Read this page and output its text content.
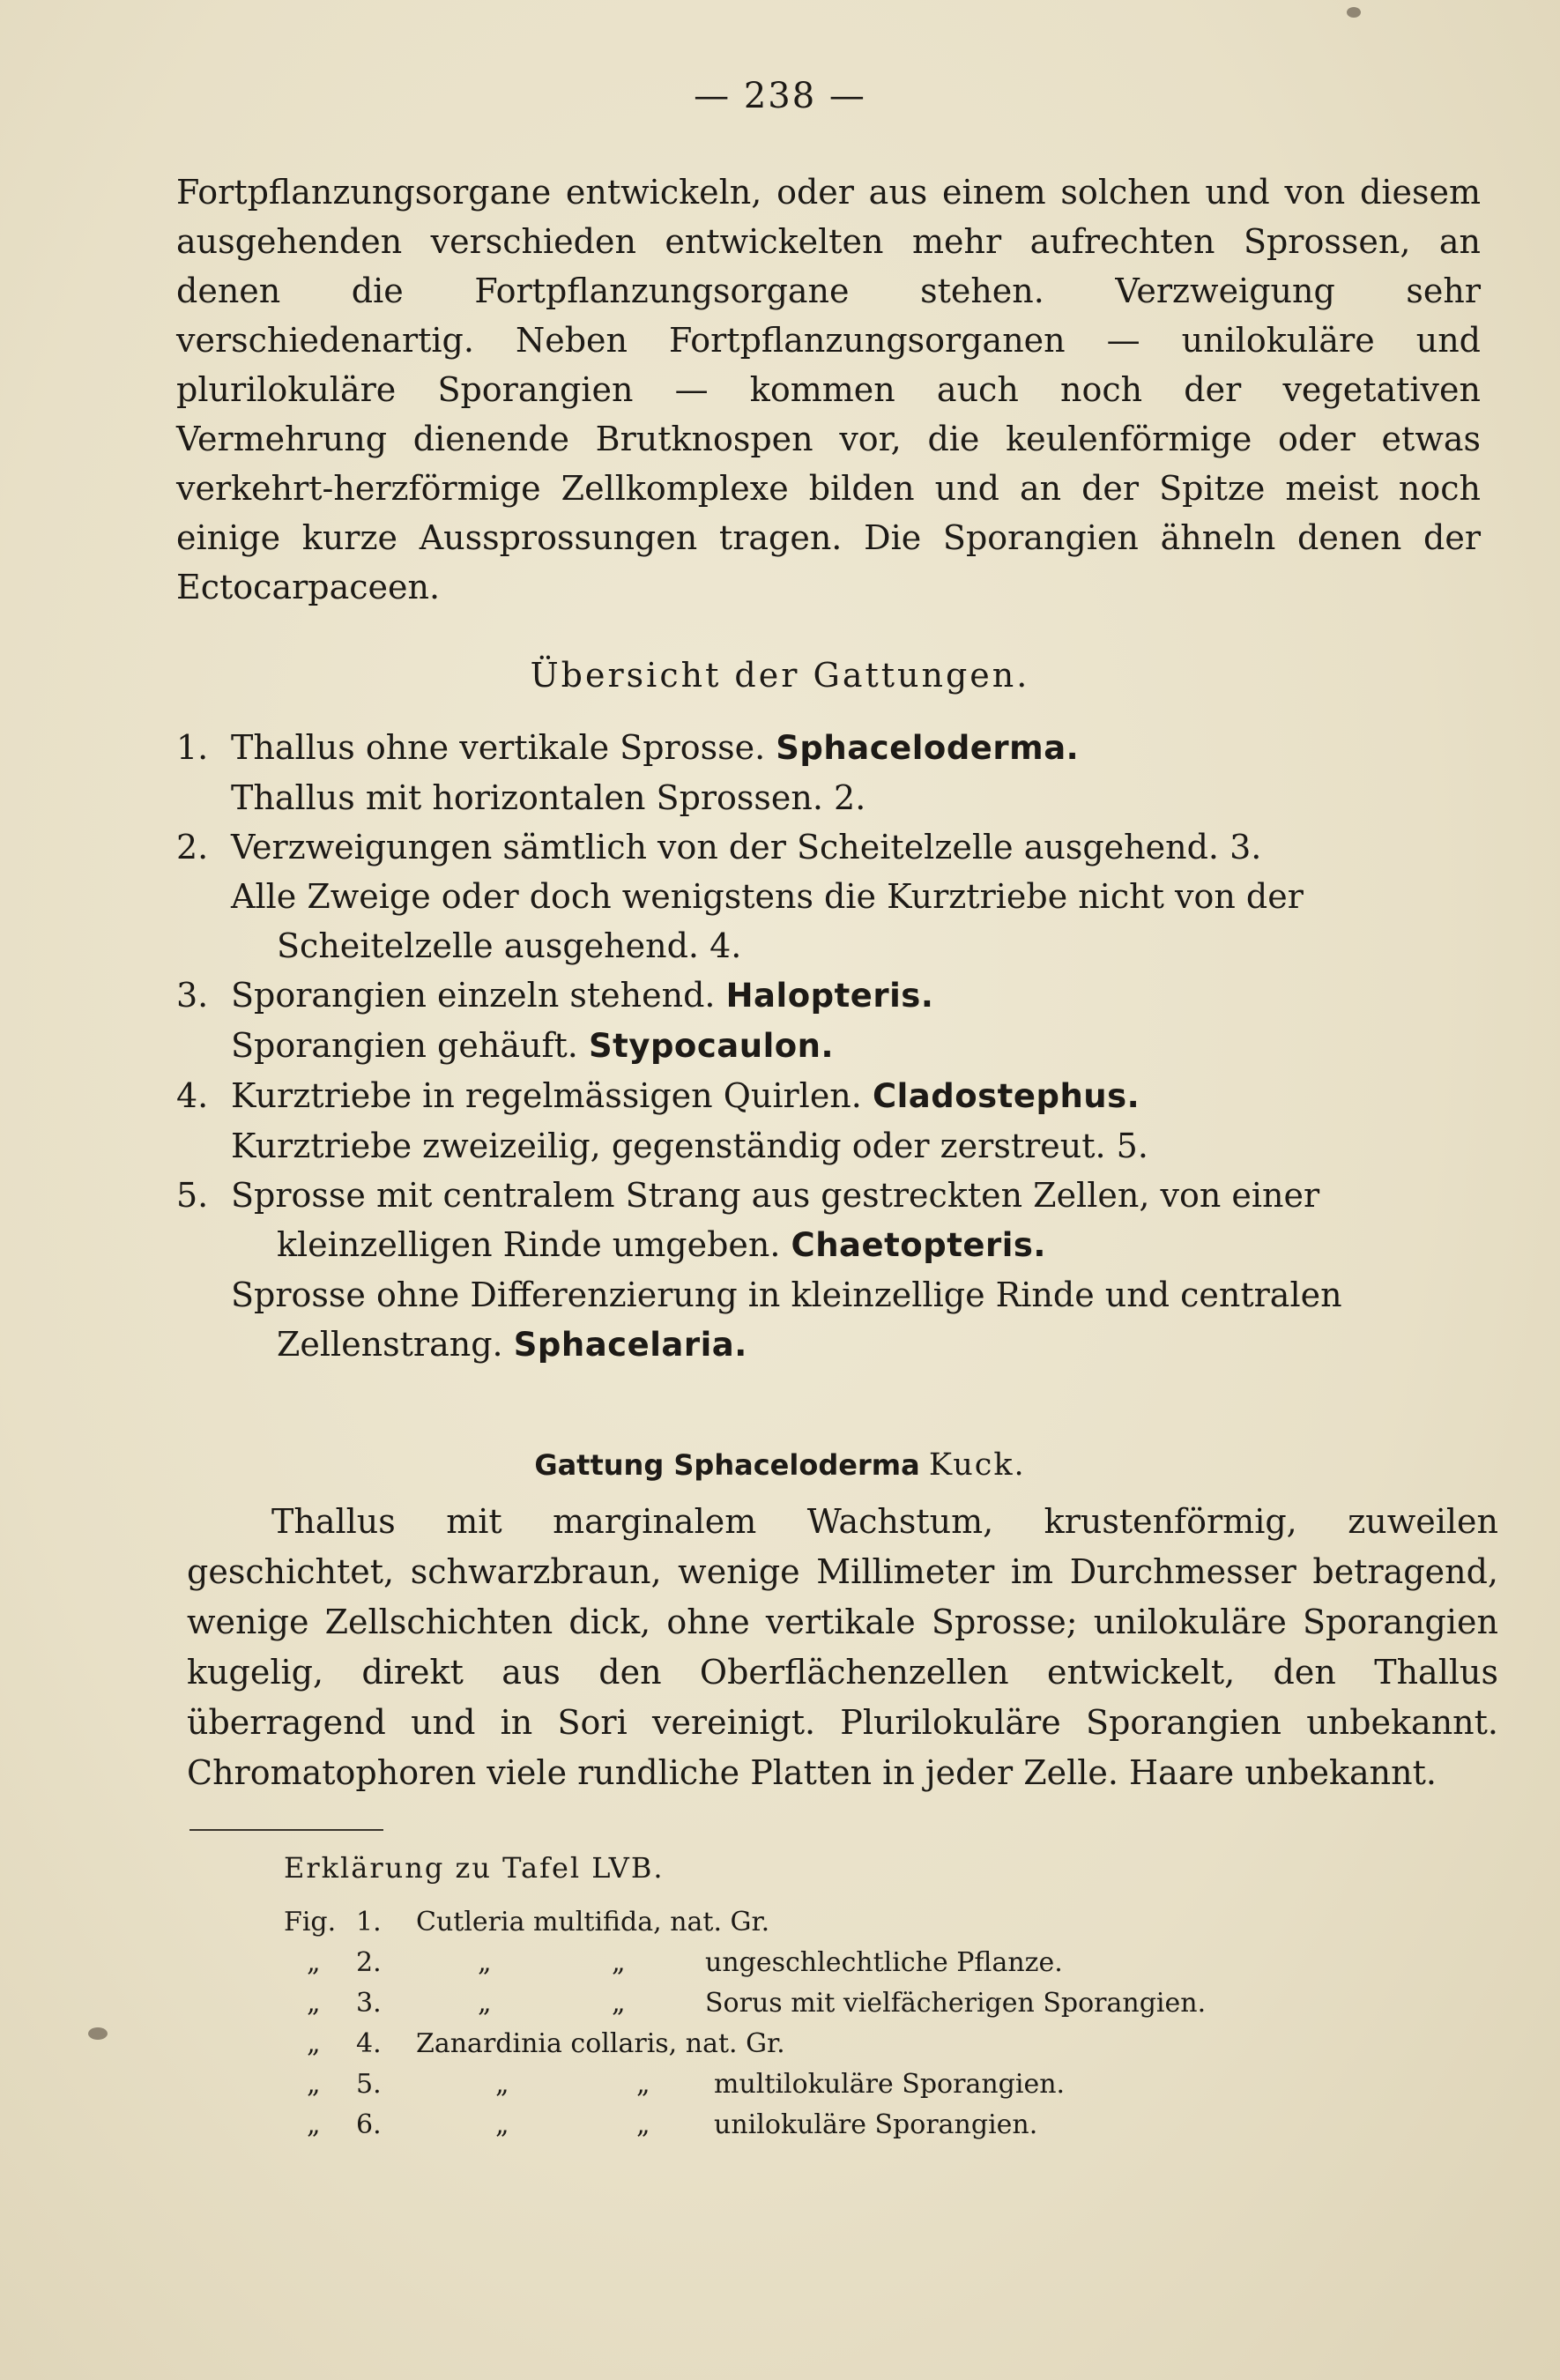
— 238 —

Fortpflanzungsorgane entwickeln, oder aus einem solchen und von diesem ausgehenden verschieden entwickelten mehr aufrechten Sprossen, an denen die Fortpflanzungsorgane stehen. Verzweigung sehr verschiedenartig. Neben Fortpflanzungsorganen — unilokuläre und plurilokuläre Sporangien — kommen auch noch der vegetativen Vermehrung dienende Brutknospen vor, die keulenförmige oder etwas verkehrt-herzförmige Zellkomplexe bilden und an der Spitze meist noch einige kurze Aussprossungen tragen. Die Sporangien ähneln denen der Ectocarpaceen.

Übersicht der Gattungen.
1. Thallus ohne vertikale Sprosse. Sphaceloderma.
Thallus mit horizontalen Sprossen. 2.
2. Verzweigungen sämtlich von der Scheitelzelle ausgehend. 3.
Alle Zweige oder doch wenigstens die Kurztriebe nicht von der Scheitelzelle ausgehend. 4.
3. Sporangien einzeln stehend. Halopteris.
Sporangien gehäuft. Stypocaulon.
4. Kurztriebe in regelmässigen Quirlen. Cladostephus.
Kurztriebe zweizeilig, gegenständig oder zerstreut. 5.
5. Sprosse mit centralem Strang aus gestreckten Zellen, von einer kleinzelligen Rinde umgeben. Chaetopteris.
Sprosse ohne Differenzierung in kleinzellige Rinde und centralen Zellenstrang. Sphacelaria.
Gattung Sphaceloderma Kuck.

Thallus mit marginalem Wachstum, krustenförmig, zuweilen geschichtet, schwarzbraun, wenige Millimeter im Durchmesser betragend, wenige Zellschichten dick, ohne vertikale Sprosse; unilokuläre Sporangien kugelig, direkt aus den Oberflächenzellen entwickelt, den Thallus überragend und in Sori vereinigt. Plurilokuläre Sporangien unbekannt. Chromatophoren viele rundliche Platten in jeder Zelle. Haare unbekannt.

Erklärung zu Tafel LVB.
Fig. 1. Cutleria multifida, nat. Gr.
„ 2.	„	„	ungeschlechtliche Pflanze.
„ 3.	„	„	Sorus mit vielfächerigen Sporangien.
„ 4. Zanardinia collaris, nat. Gr.
„ 5.	„	„ multilokuläre Sporangien.
„ 6.	„	„ unilokuläre Sporangien.
